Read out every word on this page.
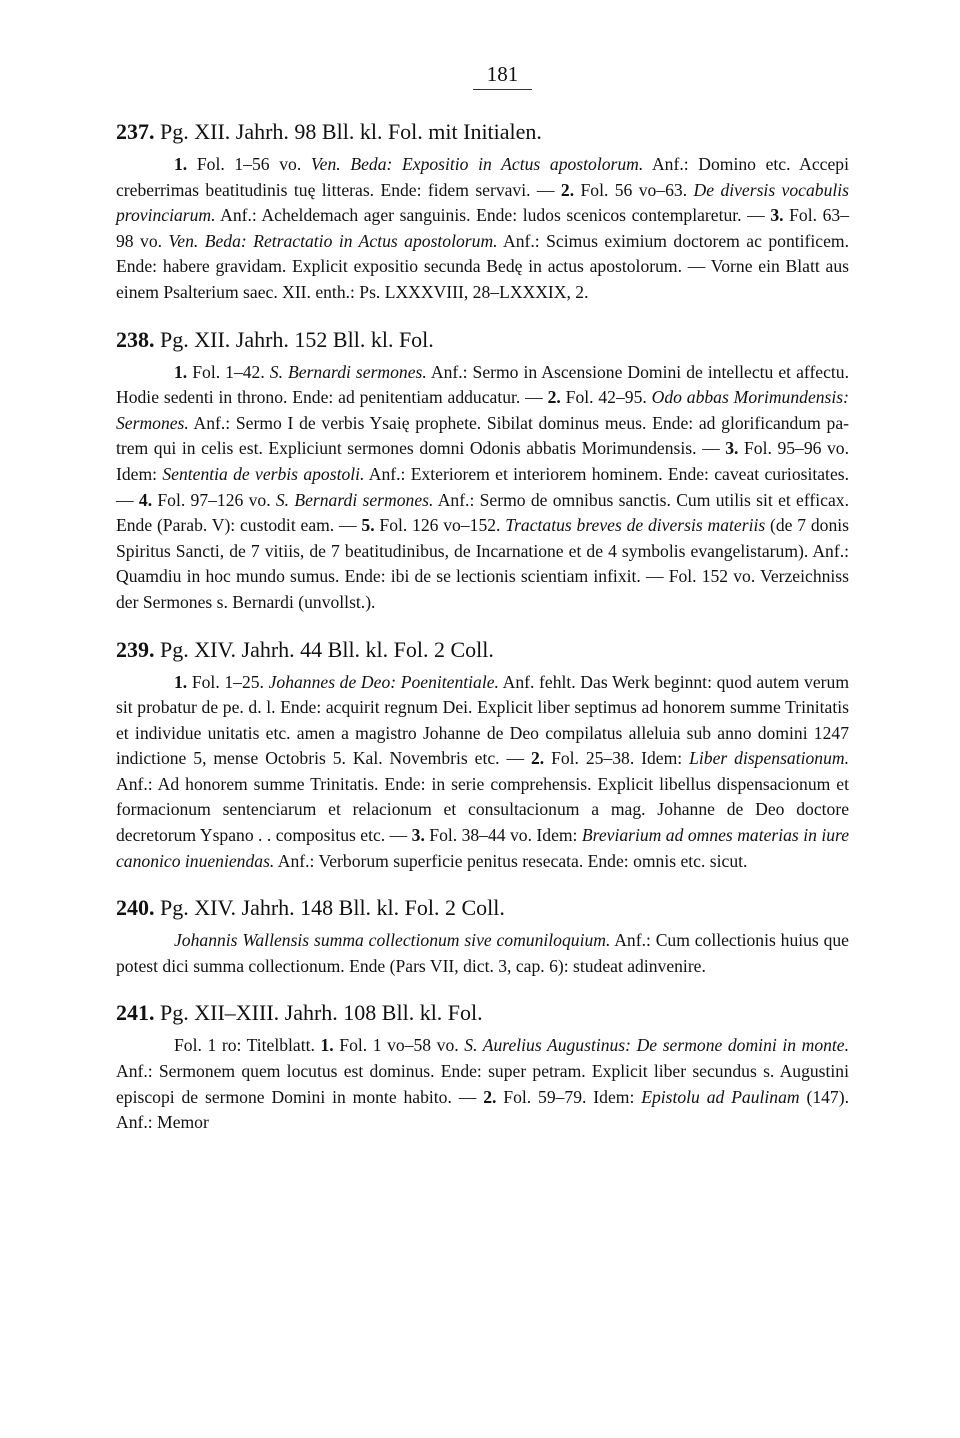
181
237. Pg. XII. Jahrh. 98 Bll. kl. Fol. mit Initialen.

1. Fol. 1–56 vo. Ven. Beda: Expositio in Actus apostolorum. Anf.: Domino etc. Accepi creberrimas beatitudinis tuę litteras. Ende: fidem servavi. — 2. Fol. 56 vo–63. De diversis vocabulis provinciarum. Anf.: Acheldemach ager sanguinis. Ende: ludos scenicos contemplaretur. — 3. Fol. 63–98 vo. Ven. Beda: Retractatio in Actus apostolorum. Anf.: Scimus eximium doctorem ac pontificem. Ende: habere gravidam. Explicit expositio secunda Bedę in actus apostolorum. — Vorne ein Blatt aus einem Psalterium saec. XII. enth.: Ps. LXXXVIII, 28–LXXXIX, 2.

238. Pg. XII. Jahrh. 152 Bll. kl. Fol.

1. Fol. 1–42. S. Bernardi sermones. Anf.: Sermo in Ascensione Domini de intellectu et affectu. Hodie sedenti in throno. Ende: ad penitentiam adducatur. — 2. Fol. 42–95. Odo abbas Morimundensis: Sermones. Anf.: Sermo I de verbis Ysaię prophete. Sibilat dominus meus. Ende: ad glorificandum patrem qui in celis est. Expliciunt sermones domni Odonis abbatis Morimundensis. — 3. Fol. 95–96 vo. Idem: Sententia de verbis apostoli. Anf.: Exteriorem et interiorem hominem. Ende: caveat curiositates. — 4. Fol. 97–126 vo. S. Bernardi sermones. Anf.: Sermo de omnibus sanctis. Cum utilis sit et efficax. Ende (Parab. V): custodit eam. — 5. Fol. 126 vo–152. Tractatus breves de diversis materiis (de 7 donis Spiritus Sancti, de 7 vitiis, de 7 beatitudinibus, de Incarnatione et de 4 symbolis evangelistarum). Anf.: Quamdiu in hoc mundo sumus. Ende: ibi de se lectionis scientiam infixit. — Fol. 152 vo. Verzeichniss der Sermones s. Bernardi (unvollst.).

239. Pg. XIV. Jahrh. 44 Bll. kl. Fol. 2 Coll.

1. Fol. 1–25. Johannes de Deo: Poenitentiale. Anf. fehlt. Das Werk beginnt: quod autem verum sit probatur de pe. d. l. Ende: acquirit regnum Dei. Explicit liber septimus ad honorem summe Trinitatis et individue unitatis etc. amen a magistro Johanne de Deo compilatus alleluia sub anno domini 1247 indictione 5, mense Octobris 5. Kal. Novembris etc. — 2. Fol. 25–38. Idem: Liber dispensationum. Anf.: Ad honorem summe Trinitatis. Ende: in serie comprehensis. Explicit libellus dispensacionum et formacionum sentenciarum et relacionum et consultacionum a mag. Johanne de Deo doctore decretorum Yspano . . compositus etc. — 3. Fol. 38–44 vo. Idem: Breviarium ad omnes materias in iure canonico inueniendas. Anf.: Verborum superficie penitus resecata. Ende: omnis etc. sicut.

240. Pg. XIV. Jahrh. 148 Bll. kl. Fol. 2 Coll.

Johannis Wallensis summa collectionum sive comuniloquium. Anf.: Cum collectionis huius que potest dici summa collectionum. Ende (Pars VII, dict. 3, cap. 6): studeat adinvenire.

241. Pg. XII–XIII. Jahrh. 108 Bll. kl. Fol.

Fol. 1 ro: Titelblatt. 1. Fol. 1 vo–58 vo. S. Aurelius Augustinus: De sermone domini in monte. Anf.: Sermonem quem locutus est dominus. Ende: super petram. Explicit liber secundus s. Augustini episcopi de sermone Domini in monte habito. — 2. Fol. 59–79. Idem: Epistolu ad Paulinam (147). Anf.: Memor
